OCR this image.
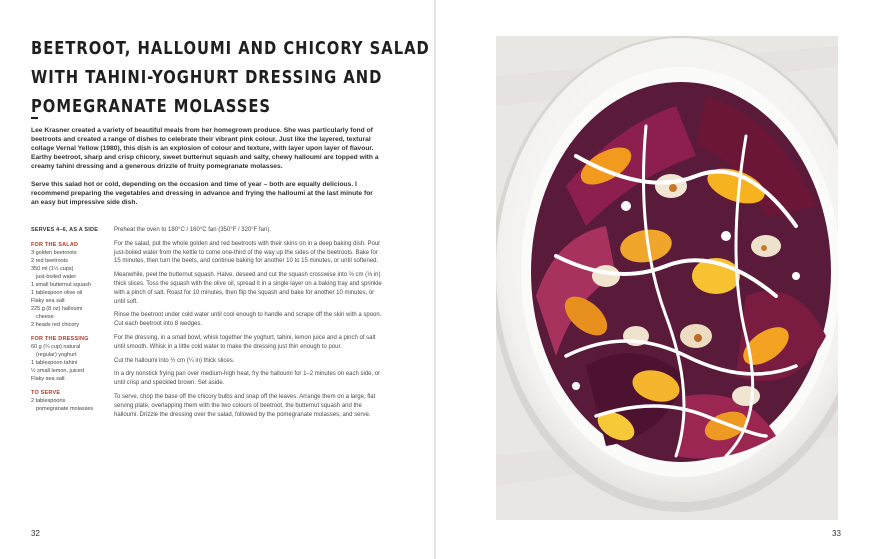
BEETROOT, HALLOUMI AND CHICORY SALAD
WITH TAHINI-YOGHURT DRESSING AND
POMEGRANATE MOLASSES

Lee Krasner created a variety of beautiful meals from her homegrown produce. She was particularly fond of beetroots and created a range of dishes to celebrate their vibrant pink colour. Just like the layered, textural collage Vernal Yellow (1980), this dish is an explosion of colour and texture, with layer upon layer of flavour. Earthy beetroot, sharp and crisp chicory, sweet butternut squash and salty, chewy halloumi are topped with a creamy tahini dressing and a generous drizzle of fruity pomegranate molasses.

Serve this salad hot or cold, depending on the occasion and time of year – both are equally delicious. I recommend preparing the vegetables and dressing in advance and frying the halloumi at the last minute for an easy but impressive side dish.

SERVES 4–6, AS A SIDE
FOR THE SALAD
3 golden beetroots
2 red beetroots
350 ml (1½ cups)
just-boiled water
1 small butternut squash
1 tablespoon olive oil
Flaky sea salt
225 g (8 oz) halloumi
cheese
2 heads red chicory
FOR THE DRESSING
60 g (¼ cup) natural
(regular) yoghurt
1 tablespoon tahini
½ small lemon, juiced
Flaky sea salt
TO SERVE
2 tablespoons
pomegranate molasses

Preheat the oven to 180°C / 160°C fan (350°F / 320°F fan).

For the salad, put the whole golden and red beetroots with their skins on in a deep baking dish. Pour just-boiled water from the kettle to come one-third of the way up the sides of the beetroots. Bake for 15 minutes, then turn the beets, and continue baking for another 10 to 15 minutes, or until softened.

Meanwhile, peel the butternut squash. Halve, deseed and cut the squash crosswise into ⅔ cm (⅓ in) thick slices. Toss the squash with the olive oil, spread it in a single layer on a baking tray and sprinkle with a pinch of salt. Roast for 10 minutes, then flip the squash and bake for another 10 minutes, or until soft.

Rinse the beetroot under cold water until cool enough to handle and scrape off the skin with a spoon. Cut each beetroot into 8 wedges.

For the dressing, in a small bowl, whisk together the yoghurt, tahini, lemon juice and a pinch of salt until smooth. Whisk in a little cold water to make the dressing just thin enough to pour.

Cut the halloumi into ½ cm (¼ in) thick slices.

In a dry nonstick frying pan over medium-high heat, fry the halloumi for 1–2 minutes on each side, or until crisp and speckled brown. Set aside.

To serve, chop the base off the chicory bulbs and snap off the leaves. Arrange them on a large, flat serving plate, overlapping them with the two colours of beetroot, the butternut squash and the halloumi. Drizzle the dressing over the salad, followed by the pomegranate molasses, and serve.

32	33
